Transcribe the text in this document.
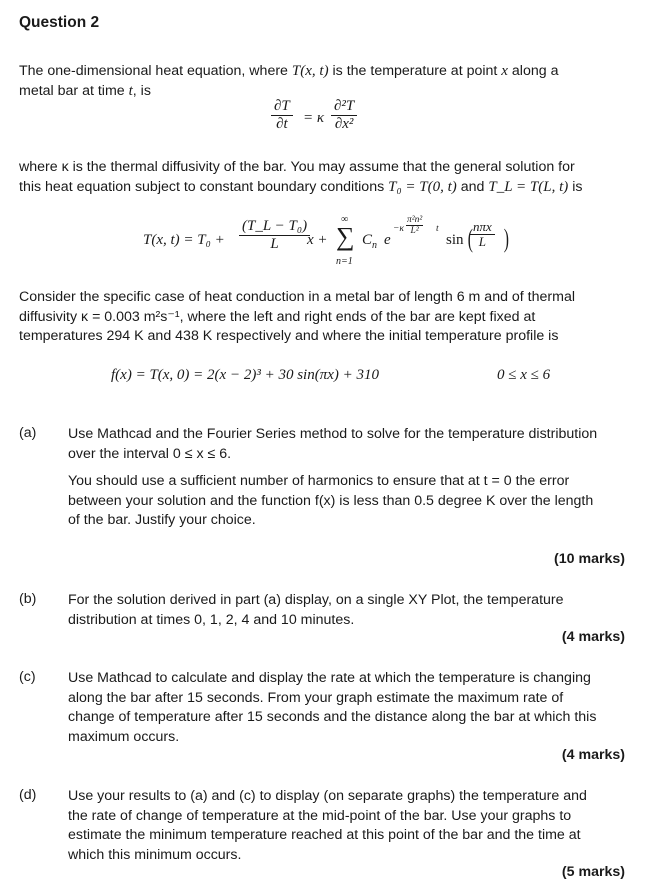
Question 2
The one-dimensional heat equation, where T(x, t) is the temperature at point x along a
metal bar at time t, is
∂T
∂t	= κ
∂²T
∂x²
where κ is the thermal diffusivity of the bar. You may assume that the general solution for
this heat equation subject to constant boundary conditions T₀ = T(0, t) and T_L = T(L, t) is
T(x, t) = T₀ +
(T_L − T₀)
L	x +
∞
∑
n=1
$C_n$ e
−κ
π²n²
L²	t
sin ( nπx
L )
Consider the specific case of heat conduction in a metal bar of length 6 m and of thermal
diffusivity κ = 0.003 m²s⁻¹, where the left and right ends of the bar are kept fixed at
temperatures 294 K and 438 K respectively and where the initial temperature profile is
f(x) = T(x, 0) = 2(x − 2)³ + 30 sin(πx) + 310	0 ≤ x ≤ 6
(a) Use Mathcad and the Fourier Series method to solve for the temperature distribution
over the interval 0 ≤ x ≤ 6.
You should use a sufficient number of harmonics to ensure that at t = 0 the error
between your solution and the function f(x) is less than 0.5 degree K over the length
of the bar. Justify your choice.
(10 marks)
(b) For the solution derived in part (a) display, on a single XY Plot, the temperature
distribution at times 0, 1, 2, 4 and 10 minutes.
(4 marks)
(c) Use Mathcad to calculate and display the rate at which the temperature is changing
along the bar after 15 seconds. From your graph estimate the maximum rate of
change of temperature after 15 seconds and the distance along the bar at which this
maximum occurs.
(4 marks)
(d) Use your results to (a) and (c) to display (on separate graphs) the temperature and
the rate of change of temperature at the mid-point of the bar. Use your graphs to
estimate the minimum temperature reached at this point of the bar and the time at
which this minimum occurs.
(5 marks)
